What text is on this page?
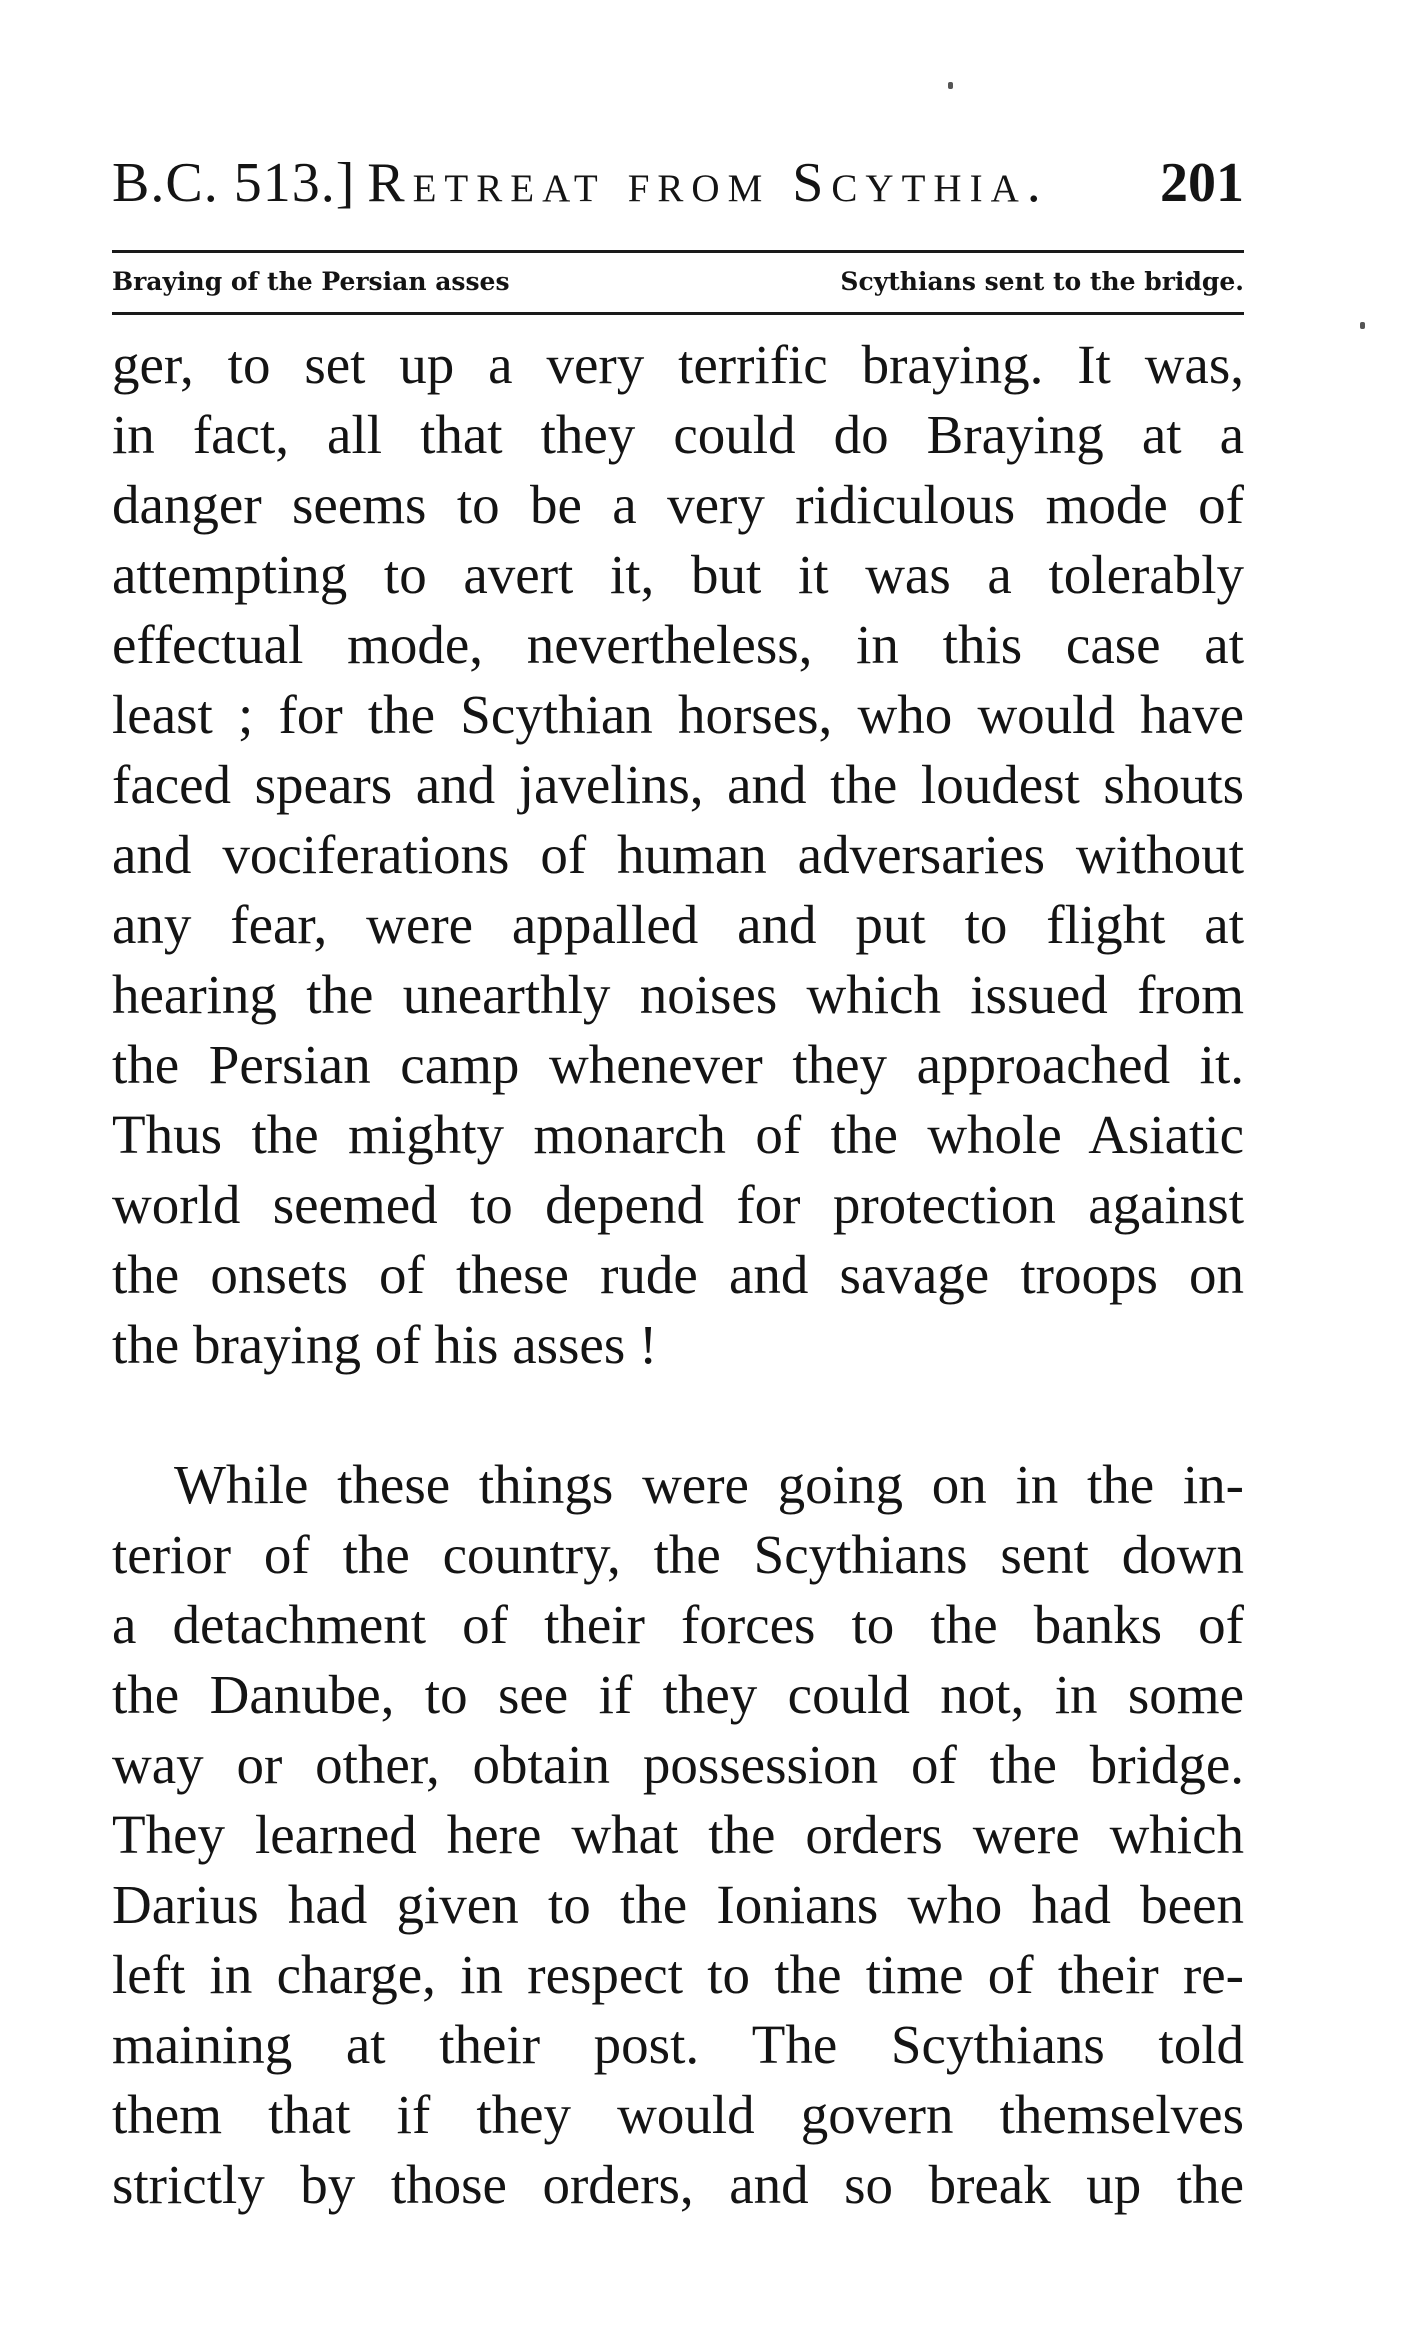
B.C. 513.] Retreat from Scythia.	201
Braying of the Persian asses	Scythians sent to the bridge.
ger, to set up a very terrific braying. It was,
in fact, all that they could do Braying at a
danger seems to be a very ridiculous mode of
attempting to avert it, but it was a tolerably
effectual mode, nevertheless, in this case at
least ; for the Scythian horses, who would have
faced spears and javelins, and the loudest shouts
and vociferations of human adversaries without
any fear, were appalled and put to flight at
hearing the unearthly noises which issued from
the Persian camp whenever they approached it.
Thus the mighty monarch of the whole Asiatic
world seemed to depend for protection against
the onsets of these rude and savage troops on
the braying of his asses !
While these things were going on in the in-
terior of the country, the Scythians sent down
a detachment of their forces to the banks of
the Danube, to see if they could not, in some
way or other, obtain possession of the bridge.
They learned here what the orders were which
Darius had given to the Ionians who had been
left in charge, in respect to the time of their re-
maining at their post. The Scythians told
them that if they would govern themselves
strictly by those orders, and so break up the
